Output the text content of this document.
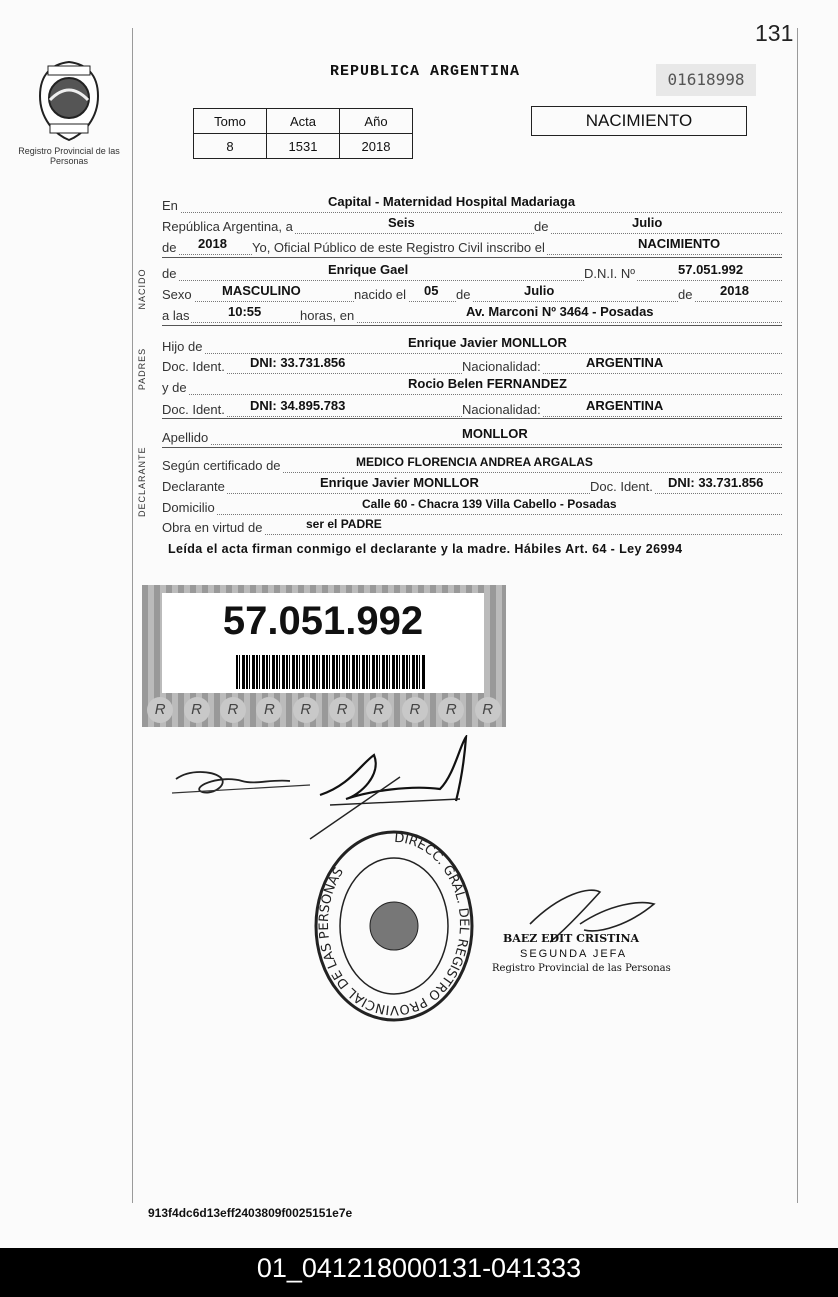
Registro Provincial de las Personas
131
REPUBLICA ARGENTINA	01618998
Tomo	Acta	Año
8	1531	2018
NACIMIENTO
En	Capital - Maternidad Hospital Madariaga
República Argentina, a	Seis	de	Julio
de 2018 Yo, Oficial Público de este Registro Civil inscribo el	NACIMIENTO
NACIDO de	Enrique Gael	D.N.I. Nº	57.051.992
Sexo MASCULINO	nacido el 05 de	Julio	de 2018
a las	10:55	horas, en	Av. Marconi Nº 3464 - Posadas
PADRES
Hijo de	Enrique Javier MONLLOR
Doc. Ident. DNI: 33.731.856	Nacionalidad:	ARGENTINA
y de	Rocio Belen FERNANDEZ
Doc. Ident. DNI: 34.895.783	Nacionalidad:	ARGENTINA
Apellido	MONLLOR
DECLARANTE Según certificado de	MEDICO FLORENCIA ANDREA ARGALAS
Declarante	Enrique Javier MONLLOR	Doc. Ident. DNI: 33.731.856
Domicilio	Calle 60 - Chacra 139 Villa Cabello - Posadas
Obra en virtud de	ser el PADRE
Leída el acta firman conmigo el declarante y la madre. Hábiles Art. 64 - Ley 26994
57.051.992
R	R	R	R	R	R	R	R	R	R
DIRECC. GRAL. DEL REGISTRO PROVINCIAL DE LAS PERSONAS
BAEZ EDIT CRISTINA
SEGUNDA JEFA
Registro Provincial de las Personas
913f4dc6d13eff2403809f0025151e7e
01_041218000131-041333
